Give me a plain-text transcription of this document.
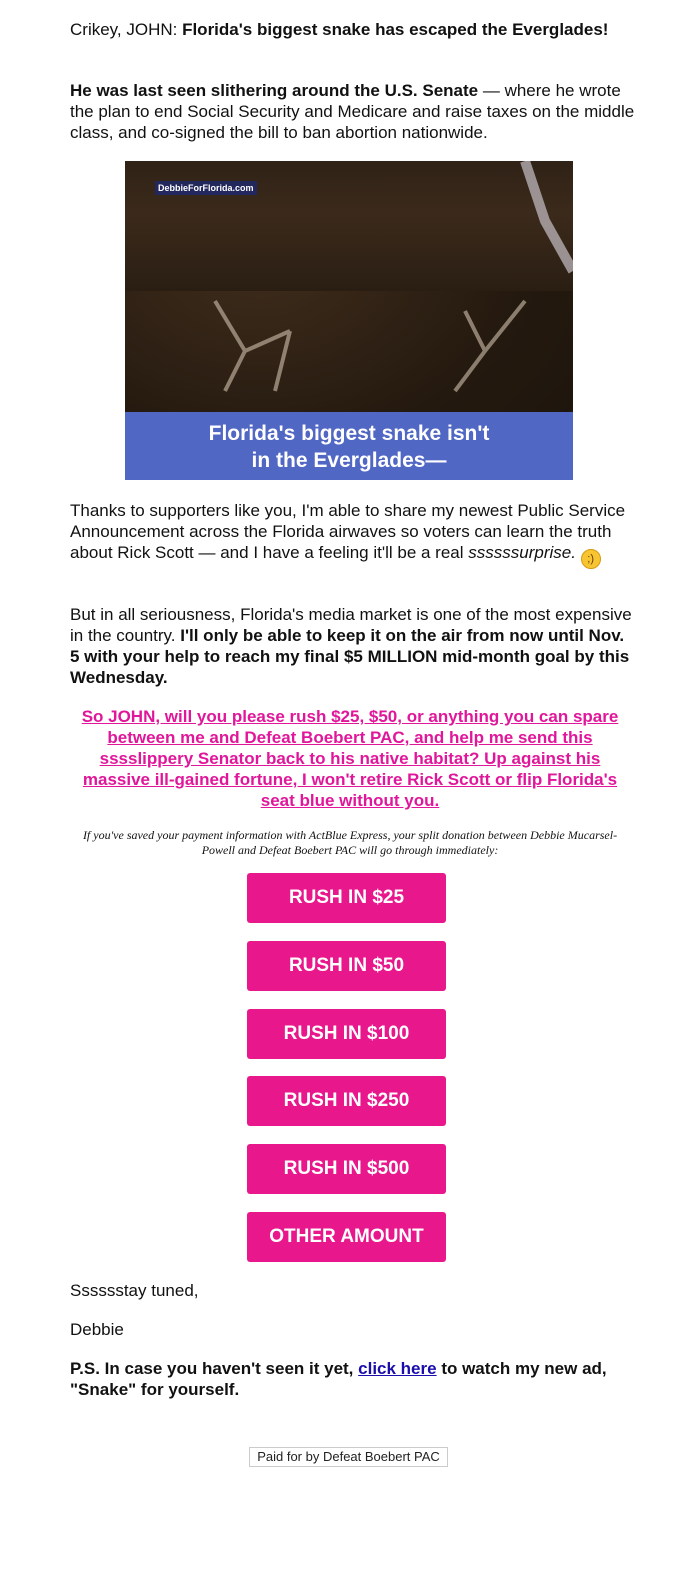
Crikey, JOHN: Florida's biggest snake has escaped the Everglades!

He was last seen slithering around the U.S. Senate — where he wrote the plan to end Social Security and Medicare and raise taxes on the middle class, and co-signed the bill to ban abortion nationwide.

DebbieForFlorida.com
Florida's biggest snake isn't
in the Everglades—

Thanks to supporters like you, I'm able to share my newest Public Service Announcement across the Florida airwaves so voters can learn the truth about Rick Scott — and I have a feeling it'll be a real ssssssurprise. ;)

But in all seriousness, Florida's media market is one of the most expensive in the country. I'll only be able to keep it on the air from now until Nov. 5 with your help to reach my final $5 MILLION mid-month goal by this Wednesday.

So JOHN, will you please rush $25, $50, or anything you can spare between me and Defeat Boebert PAC, and help me send this sssslippery Senator back to his native habitat? Up against his massive ill-gained fortune, I won't retire Rick Scott or flip Florida's seat blue without you.
If you've saved your payment information with ActBlue Express, your split donation between Debbie Mucarsel-Powell and Defeat Boebert PAC will go through immediately:
RUSH IN $25
RUSH IN $50
RUSH IN $100
RUSH IN $250
RUSH IN $500
OTHER AMOUNT

Sssssstay tuned,

Debbie

P.S. In case you haven't seen it yet, click here to watch my new ad, "Snake" for yourself.

Paid for by Defeat Boebert PAC
